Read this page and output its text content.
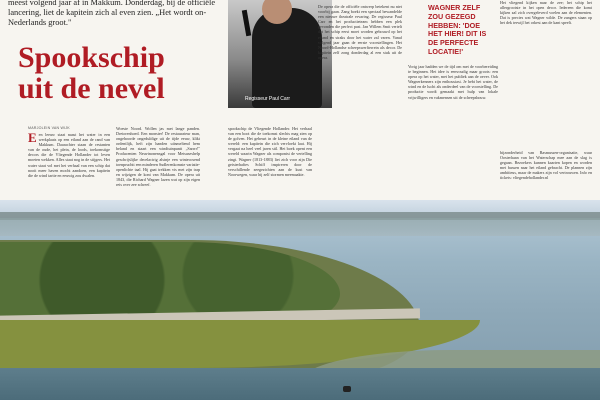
meest volgend jaar af in Makkum. Donderdag, bij de officiële lancering, liet de kapitein zich al even zien. „Het wordt on-Nederlands groot."
Regisseur Paul Carr
Spookschip
uit de nevel
MARJOLEIN VAN WIJK
Een leeuw staat naast het water in een werkplaats op een eiland aan de rand van Makkum. Daarachter staan de restanten van de oude, het plein, de loods, toekomstige decors die de Vliegende Hollander tot leven moeten wekken. Alles staat nog in de stijgers. Het water staat vol met het verhaal van een schip dat nooit meer haven mocht aandoen, een kapitein die de wind tartte en eeuwig zou dwalen.
Woeste Noord. Wollen jas met lange panden. Dreiorenhoed. Een monster! De restaurateur man, ongehoorde ongeduldige uit de tijde eeuw, klikt ordentlijk, heft zijn handen uitsmeltend hem beland en staart een windtuinpuntt „Sarrrr!" Producenten Neuvinonensgal voor Metsuseshelp geschrijslijke decelactrig alstnje een wintecosend toenpruchtt een minderen Sudlerenkomste variatie-openlichte taal. Hij gaat trekken vis met zijn trap en wijzigen de kont van Makkum. De opera uit 1843, die Richard Wagner lazen wat op zijn eigen reis over zee schreef.
spookschip de Vliegende Hollander. Het verhaal van een boot die de toekomst slechts mag zien op de golven. Het gebeurt in de kleine eiland van de wereld: een kapitein die zich vervloekt laat. Hij vergaat na heel veel jaren stil. Het boek opent een wereld waarin Wagner als componist de vertelling zingt. Wagner (1813-1883) liet zich voor zijn Die geisterhaftes Schiff inspireren door de verschillende zeegezichten aan de kust van Noorwegen, waar hij zelf stormen meemaakte.
De opera die de officiële ontwerp betekent nu niet voorbij gaan. Zang boekt een speciaal bewandelde een nieuwe theatrale ervaring. De regisseur Paul Carr en het productieteam hebben een plek gevonden die perfect past. Jan Willem Smit vertelt dat het schip eerst moet worden gebouwd op het eiland en straks door het water zal varen. Vanaf volgend jaar gaan de eerste voorstellingen. Het Noord-Hollandse scheepswerfterrein als decor. De kapitein zelf zong donderdag al een stuk uit de opera.
Vorig jaar hadden we de tijd om met de voorbereiding te beginnen. Het idee is eenvoudig maar groots: een opera op het water, met het publiek aan de oever. Ook Wagnerkenners zijn enthousiast. Je hebt het water, de wind en de lucht als onderdeel van de voorstelling. De productie wordt gemaakt met hulp van lokale vrijwilligers en vakmensen uit de scheepsbouw.
Het vliegend kijken naar de zee; het schip het allergrootste in het open decor. Iedereen die komt kijken zal zich overgeleverd voelen aan de elementen. Dat is precies wat Wagner wilde. De zangers staan op het dek terwijl het orkest aan de kant speelt.
bijzonderheid van Rasmussen-organisatie, waar Oosterhaan van het Waterschap mee aan de slag is gegaan. Bezoekers kunnen kaarten kopen en worden met bussen naar het eiland gebracht. De plannen zijn ambitieus, maar de makers zijn vol vertrouwen. Info en tickets: vliegendehollander.nl
WAGNER ZELF ZOU GEZEGD HEBBEN: 'DOE HET HIER! DIT IS DE PERFECTE LOCATIE!'
